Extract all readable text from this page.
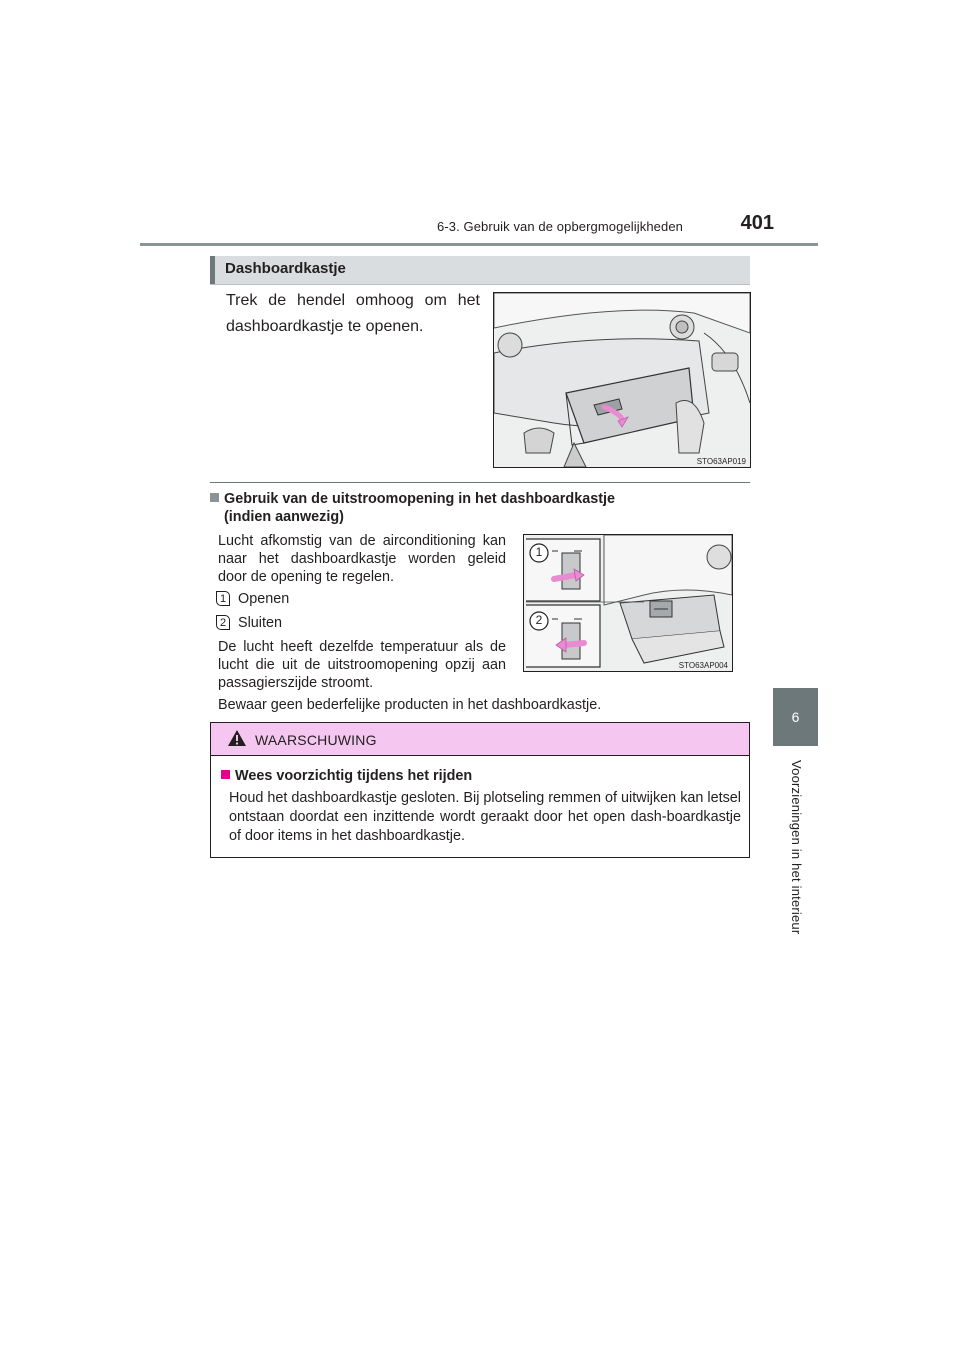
6-3. Gebruik van de opbergmogelijkheden	401
6
Voorzieningen in het interieur
Dashboardkastje
Trek de hendel omhoog om het dashboardkastje te openen.
STO63AP019
Gebruik van de uitstroomopening in het dashboardkastje
(indien aanwezig)
Lucht afkomstig van de airconditioning kan naar het dashboardkastje worden geleid door de opening te regelen.
1 Openen
2 Sluiten
De lucht heeft dezelfde temperatuur als de lucht die uit de uitstroomopening opzij aan passagierszijde stroomt.
1
2
STO63AP004
Bewaar geen bederfelijke producten in het dashboardkastje.
WAARSCHUWING
Wees voorzichtig tijdens het rijden
Houd het dashboardkastje gesloten. Bij plotseling remmen of uitwijken kan letsel ontstaan doordat een inzittende wordt geraakt door het open dash-boardkastje of door items in het dashboardkastje.
